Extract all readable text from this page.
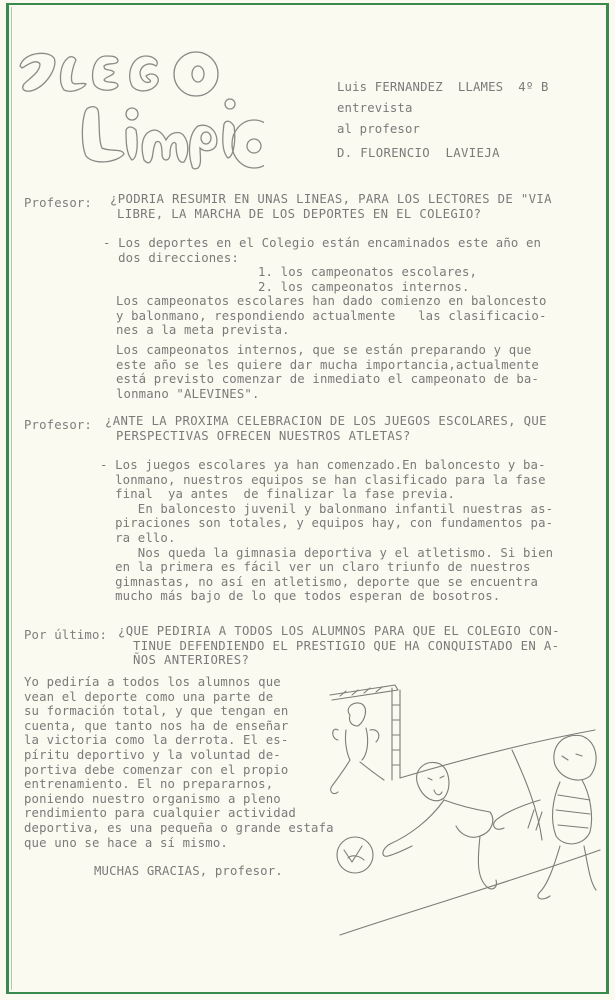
Luis FERNANDEZ  LLAMES  4º B
entrevista
al profesor
D. FLORENCIO  LAVIEJA
Profesor: ¿PODRIA RESUMIR EN UNAS LINEAS, PARA LOS LECTORES DE "VIA
LIBRE, LA MARCHA DE LOS DEPORTES EN EL COLEGIO?
- Los deportes en el Colegio están encaminados este año en
dos direcciones:
1. los campeonatos escolares,
2. los campeonatos internos.
Los campeonatos escolares han dado comienzo en baloncesto
y balonmano, respondiendo actualmente   las clasificacio-
nes a la meta prevista.
Los campeonatos internos, que se están preparando y que
este año se les quiere dar mucha importancia,actualmente
está previsto comenzar de inmediato el campeonato de ba-
lonmano "ALEVINES".
Profesor: ¿ANTE LA PROXIMA CELEBRACION DE LOS JUEGOS ESCOLARES, QUE
PERSPECTIVAS OFRECEN NUESTROS ATLETAS?
- Los juegos escolares ya han comenzado.En baloncesto y ba-
lonmano, nuestros equipos se han clasificado para la fase
final  ya antes  de finalizar la fase previa.
En baloncesto juvenil y balonmano infantil nuestras as-
piraciones son totales, y equipos hay, con fundamentos pa-
ra ello.
Nos queda la gimnasia deportiva y el atletismo. Si bien
en la primera es fácil ver un claro triunfo de nuestros
gimnastas, no así en atletismo, deporte que se encuentra
mucho más bajo de lo que todos esperan de bosotros.
Por último: ¿QUE PEDIRIA A TODOS LOS ALUMNOS PARA QUE EL COLEGIO CON-
TINUE DEFENDIENDO EL PRESTIGIO QUE HA CONQUISTADO EN A-
ÑOS ANTERIORES?
Yo pediría a todos los alumnos que
vean el deporte como una parte de
su formación total, y que tengan en
cuenta, que tanto nos ha de enseñar
la victoria como la derrota. El es-
píritu deportivo y la voluntad de-
portiva debe comenzar con el propio
entrenamiento. El no prepararnos,
poniendo nuestro organismo a pleno
rendimiento para cualquier actividad
deportiva, es una pequeña o grande estafa
que uno se hace a sí mismo.
MUCHAS GRACIAS, profesor.
